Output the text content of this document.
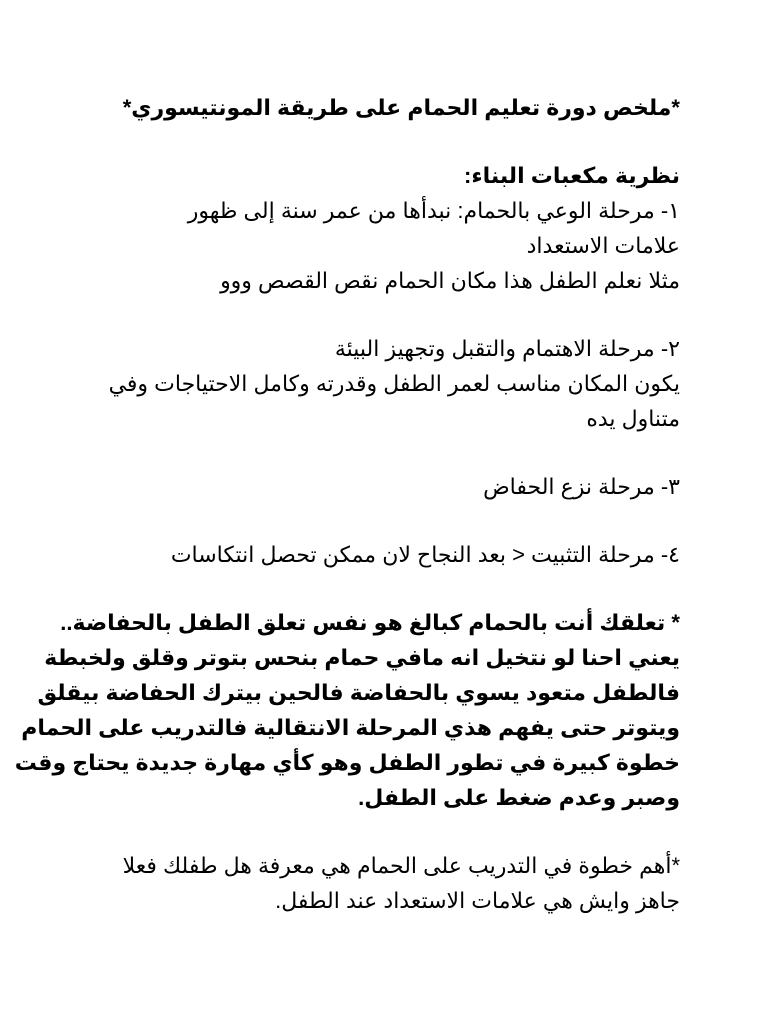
*ملخص دورة تعليم الحمام على طريقة المونتيسوري*
نظرية مكعبات البناء:
١- مرحلة الوعي بالحمام: نبدأها من عمر سنة إلى ظهور
علامات الاستعداد
مثلا نعلم الطفل هذا مكان الحمام نقص القصص ووو
٢- مرحلة الاهتمام والتقبل وتجهيز البيئة
يكون المكان مناسب لعمر الطفل وقدرته وكامل الاحتياجات وفي
متناول يده
٣- مرحلة نزع الحفاض
٤- مرحلة التثبيت < بعد النجاح لان ممكن تحصل انتكاسات
* تعلقك أنت بالحمام كبالغ هو نفس تعلق الطفل بالحفاضة..
يعني احنا لو نتخيل انه مافي حمام بنحس بتوتر وقلق ولخبطة
فالطفل متعود يسوي بالحفاضة فالحين بيترك الحفاضة بيقلق
ويتوتر حتى يفهم هذي المرحلة الانتقالية فالتدريب على الحمام
خطوة كبيرة في تطور الطفل وهو كأي مهارة جديدة يحتاج وقت
وصبر وعدم ضغط على الطفل.
*أهم خطوة في التدريب على الحمام هي معرفة هل طفلك فعلا
جاهز وايش هي علامات الاستعداد عند الطفل.
